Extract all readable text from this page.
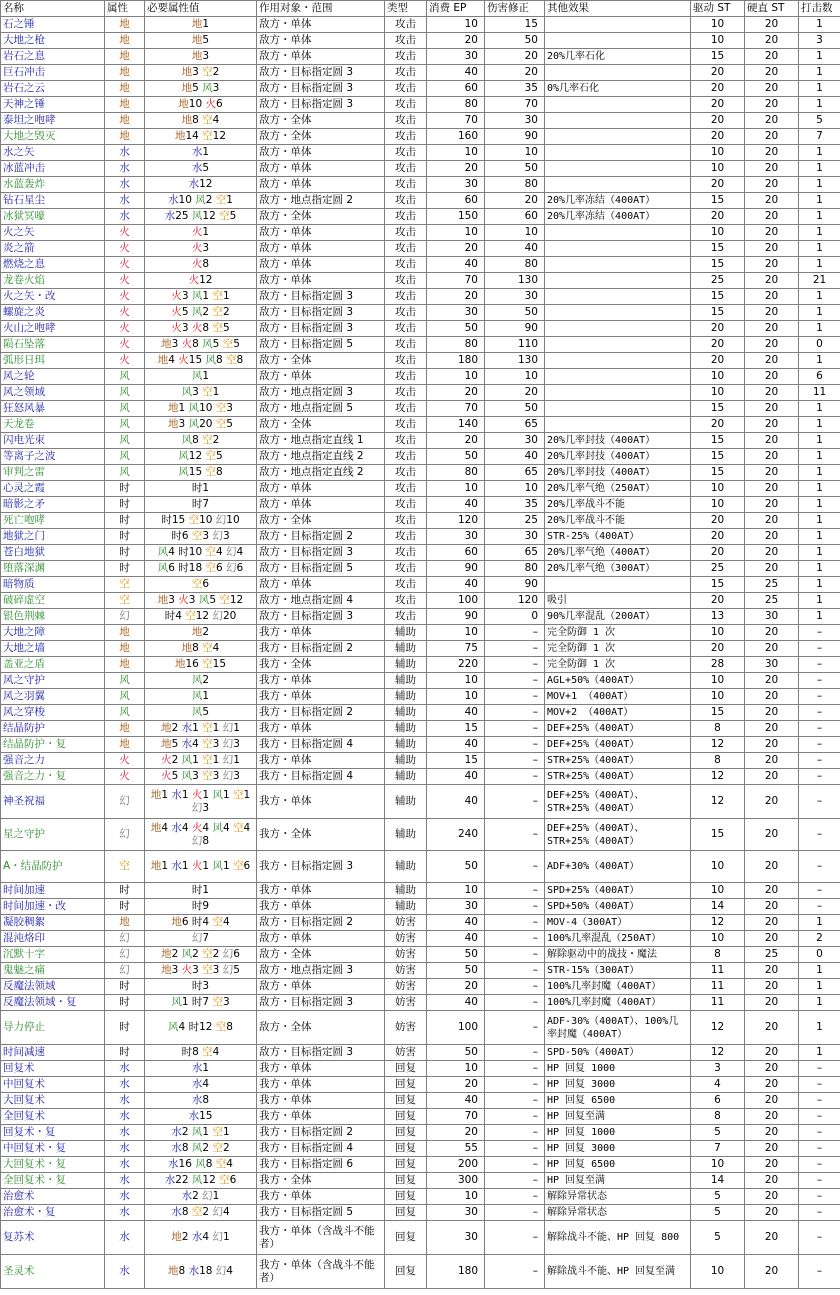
名称	属性	必要属性值	作用对象・范围	类型	消费 EP	伤害修正	其他效果	驱动 ST	硬直 ST	打击数
石之锤	地	地1	敌方・单体	攻击	10	15		10	20	1
大地之枪	地	地5	敌方・单体	攻击	20	50		10	20	3
岩石之息	地	地3	敌方・单体	攻击	30	20	20%几率石化	15	20	1
巨石冲击	地	地3 空2	敌方・目标指定圆 3	攻击	40	20		20	20	1
岩石之云	地	地5 风3	敌方・目标指定圆 3	攻击	60	35	0%几率石化	20	20	1
天神之锤	地	地10 火6	敌方・目标指定圆 3	攻击	80	70		20	20	1
泰坦之咆哮	地	地8 空4	敌方・全体	攻击	70	30		20	20	5
大地之毁灭	地	地14 空12	敌方・全体	攻击	160	90		20	20	7
水之矢	水	水1	敌方・单体	攻击	10	10		10	20	1
冰蓝冲击	水	水5	敌方・单体	攻击	20	50		10	20	1
水蓝轰炸	水	水12	敌方・单体	攻击	30	80		20	20	1
钻石星尘	水	水10 风2 空1	敌方・地点指定圆 2	攻击	60	20	20%几率冻结（400AT）	15	20	1
冰狱冥嚎	水	水25 风12 空5	敌方・全体	攻击	150	60	20%几率冻结（400AT）	20	20	1
火之矢	火	火1	敌方・单体	攻击	10	10		10	20	1
炎之箭	火	火3	敌方・单体	攻击	20	40		15	20	1
燃烧之息	火	火8	敌方・单体	攻击	40	80		15	20	1
龙卷火焰	火	火12	敌方・单体	攻击	70	130		25	20	21
火之矢・改	火	火3 风1 空1	敌方・目标指定圆 3	攻击	20	30		15	20	1
螺旋之炎	火	火5 风2 空2	敌方・目标指定圆 3	攻击	30	50		15	20	1
火山之咆哮	火	火3 火8 空5	敌方・目标指定圆 3	攻击	50	90		20	20	1
陨石坠落	火	地3 火8 风5 空5	敌方・目标指定圆 5	攻击	80	110		20	20	0
弧形日珥	火	地4 火15 风8 空8	敌方・全体	攻击	180	130		20	20	1
风之轮	风	风1	敌方・单体	攻击	10	10		10	20	6
风之领域	风	风3 空1	敌方・地点指定圆 3	攻击	20	20		10	20	11
狂怒风暴	风	地1 风10 空3	敌方・地点指定圆 5	攻击	70	50		15	20	1
天龙卷	风	地3 风20 空5	敌方・全体	攻击	140	65		20	20	1
闪电光束	风	风8 空2	敌方・地点指定直线 1	攻击	20	30	20%几率封技（400AT）	15	20	1
等离子之波	风	风12 空5	敌方・地点指定直线 2	攻击	50	40	20%几率封技（400AT）	15	20	1
审判之雷	风	风15 空8	敌方・地点指定直线 2	攻击	80	65	20%几率封技（400AT）	15	20	1
心灵之霞	时	时1	敌方・单体	攻击	10	10	20%几率气绝（250AT）	10	20	1
暗影之矛	时	时7	敌方・单体	攻击	40	35	20%几率战斗不能	10	20	1
死亡咆哮	时	时15 空10 幻10	敌方・全体	攻击	120	25	20%几率战斗不能	20	20	1
地狱之门	时	时6 空3 幻3	敌方・目标指定圆 2	攻击	30	30	STR-25%（400AT）	20	20	1
苍白地狱	时	风4 时10 空4 幻4	敌方・目标指定圆 3	攻击	60	65	20%几率气绝（400AT）	20	20	1
堕落深渊	时	风6 时18 空6 幻6	敌方・目标指定圆 5	攻击	90	80	20%几率气绝（300AT）	25	20	1
暗物质	空	空6	敌方・单体	攻击	40	90		15	25	1
破碎虚空	空	地3 火3 风5 空12	敌方・地点指定圆 4	攻击	100	120	吸引	20	25	1
银色荆棘	幻	时4 空12 幻20	敌方・目标指定圆 3	攻击	90	0	90%几率混乱（200AT）	13	30	1
大地之障	地	地2	我方・单体	辅助	10	–	完全防御 1 次	10	20	–
大地之墙	地	地8 空4	我方・目标指定圆 2	辅助	75	–	完全防御 1 次	20	20	–
盖亚之盾	地	地16 空15	我方・全体	辅助	220	–	完全防御 1 次	28	30	–
风之守护	风	风2	我方・单体	辅助	10	–	AGL+50%（400AT）	10	20	–
风之羽翼	风	风1	我方・单体	辅助	10	–	MOV+1 （400AT）	10	20	–
风之穿梭	风	风5	我方・目标指定圆 2	辅助	40	–	MOV+2 （400AT）	15	20	–
结晶防护	地	地2 水1 空1 幻1	我方・单体	辅助	15	–	DEF+25%（400AT）	8	20	–
结晶防护・复	地	地5 水4 空3 幻3	我方・目标指定圆 4	辅助	40	–	DEF+25%（400AT）	12	20	–
强音之力	火	火2 风1 空1 幻1	我方・单体	辅助	15	–	STR+25%（400AT）	8	20	–
强音之力・复	火	火5 风3 空3 幻3	我方・目标指定圆 4	辅助	40	–	STR+25%（400AT）	12	20	–
神圣祝福	幻	地1 水1 火1 风1 空1 幻3	我方・单体	辅助	40	–	DEF+25%（400AT）、STR+25%（400AT）	12	20	–
星之守护	幻	地4 水4 火4 风4 空4 幻8	我方・全体	辅助	240	–	DEF+25%（400AT）、STR+25%（400AT）	15	20	–
A・结晶防护	空	地1 水1 火1 风1 空6	我方・目标指定圆 3	辅助	50	–	ADF+30%（400AT）	10	20	–
时间加速	时	时1	我方・单体	辅助	10	–	SPD+25%（400AT）	10	20	–
时间加速・改	时	时9	我方・单体	辅助	30	–	SPD+50%（400AT）	14	20	–
凝胶稠絮	地	地6 时4 空4	敌方・目标指定圆 2	妨害	40	–	MOV-4（300AT）	12	20	1
混沌烙印	幻	幻7	敌方・单体	妨害	40	–	100%几率混乱（250AT）	10	20	2
沉默十字	幻	地2 风2 空2 幻6	敌方・全体	妨害	50	–	解除驱动中的战技・魔法	8	25	0
鬼魅之痛	幻	地3 火3 空3 幻5	敌方・地点指定圆 3	妨害	50	–	STR-15%（300AT）	11	20	1
反魔法领域	时	时3	敌方・单体	妨害	20	–	100%几率封魔（400AT）	11	20	1
反魔法领域・复	时	风1 时7 空3	敌方・目标指定圆 3	妨害	40	–	100%几率封魔（400AT）	11	20	1
导力停止	时	风4 时12 空8	敌方・全体	妨害	100	–	ADF-30%（400AT）、100%几率封魔（400AT）	12	20	1
时间减速	时	时8 空4	敌方・目标指定圆 3	妨害	50	–	SPD-50%（400AT）	12	20	1
回复术	水	水1	我方・单体	回复	10	–	HP 回复 1000	3	20	–
中回复术	水	水4	我方・单体	回复	20	–	HP 回复 3000	4	20	–
大回复术	水	水8	我方・单体	回复	40	–	HP 回复 6500	6	20	–
全回复术	水	水15	我方・单体	回复	70	–	HP 回复至满	8	20	–
回复术・复	水	水2 风1 空1	我方・目标指定圆 2	回复	20	–	HP 回复 1000	5	20	–
中回复术・复	水	水8 风2 空2	我方・目标指定圆 4	回复	55	–	HP 回复 3000	7	20	–
大回复术・复	水	水16 风8 空4	我方・目标指定圆 6	回复	200	–	HP 回复 6500	10	20	–
全回复术・复	水	水22 风12 空6	我方・全体	回复	300	–	HP 回复至满	14	20	–
治愈术	水	水2 幻1	我方・单体	回复	10	–	解除异常状态	5	20	–
治愈术・复	水	水8 空2 幻4	我方・目标指定圆 5	回复	30	–	解除异常状态	5	20	–
复苏术	水	地2 水4 幻1	我方・单体（含战斗不能者）	回复	30	–	解除战斗不能、HP 回复 800	5	20	–
圣灵术	水	地8 水18 幻4	我方・单体（含战斗不能者）	回复	180	–	解除战斗不能、HP 回复至满	10	20	–
